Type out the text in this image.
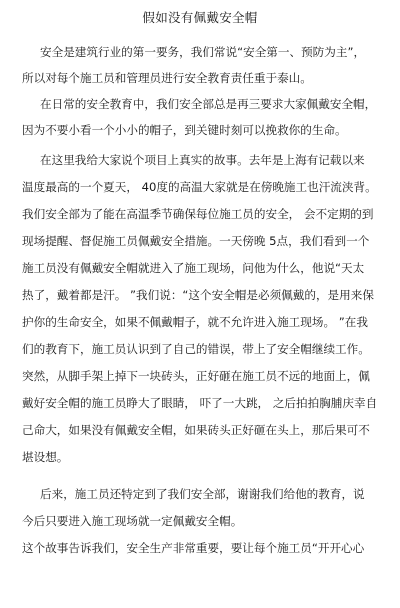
假如没有佩戴安全帽
安全是建筑行业的第一要务，我们常说“安全第一、预防为主”，
所以对每个施工员和管理员进行安全教育责任重于泰山。
在日常的安全教育中，我们安全部总是再三要求大家佩戴安全帽，
因为不要小看一个小小的帽子，到关键时刻可以挽救你的生命。
在这里我给大家说个项目上真实的故事。去年是上海有记载以来
温度最高的一个夏天， 40度的高温大家就是在傍晚施工也汗流浃背。
我们安全部为了能在高温季节确保每位施工员的安全， 会不定期的到
现场提醒、督促施工员佩戴安全措施。一天傍晚 5点，我们看到一个
施工员没有佩戴安全帽就进入了施工现场，问他为什么，他说“天太
热了，戴着都是汗。 ”我们说：“这个安全帽是必须佩戴的，是用来保
护你的生命安全，如果不佩戴帽子，就不允许进入施工现场。 ”在我
们的教育下，施工员认识到了自己的错误，带上了安全帽继续工作。
突然，从脚手架上掉下一块砖头，正好砸在施工员不远的地面上，佩
戴好安全帽的施工员睁大了眼睛， 吓了一大跳， 之后拍拍胸脯庆幸自
己命大，如果没有佩戴安全帽，如果砖头正好砸在头上，那后果可不
堪设想。
后来，施工员还特定到了我们安全部，谢谢我们给他的教育，说
今后只要进入施工现场就一定佩戴安全帽。
这个故事告诉我们，安全生产非常重要，要让每个施工员“开开心心
